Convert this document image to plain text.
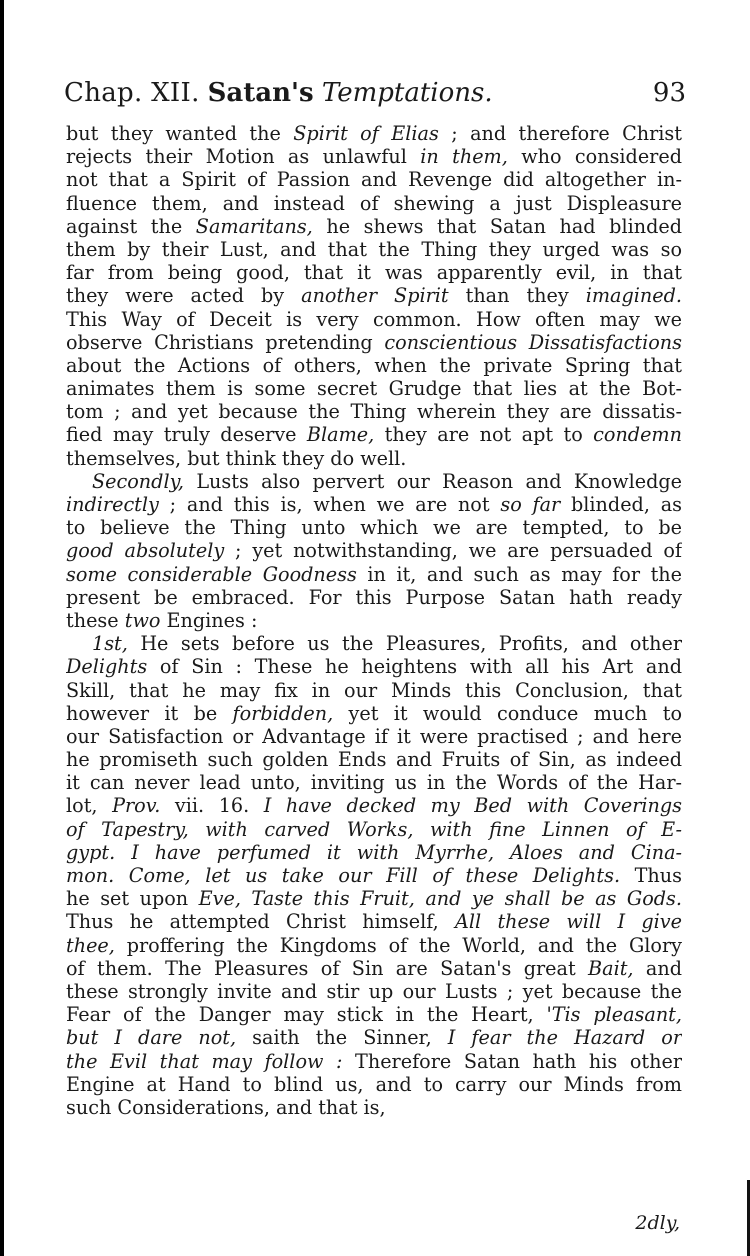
Chap. XII. Satan's Temptations.	93
but they wanted the Spirit of Elias ; and therefore Christ
rejects their Motion as unlawful in them, who considered
not that a Spirit of Passion and Revenge did altogether in-
fluence them, and instead of shewing a just Displeasure
against the Samaritans, he shews that Satan had blinded
them by their Lust, and that the Thing they urged was so
far from being good, that it was apparently evil, in that
they were acted by another Spirit than they imagined.
This Way of Deceit is very common. How often may we
observe Christians pretending conscientious Dissatisfactions
about the Actions of others, when the private Spring that
animates them is some secret Grudge that lies at the Bot-
tom ; and yet because the Thing wherein they are dissatis-
fied may truly deserve Blame, they are not apt to condemn
themselves, but think they do well.
Secondly, Lusts also pervert our Reason and Knowledge
indirectly ; and this is, when we are not so far blinded, as
to believe the Thing unto which we are tempted, to be
good absolutely ; yet notwithstanding, we are persuaded of
some considerable Goodness in it, and such as may for the
present be embraced. For this Purpose Satan hath ready
these two Engines :
1st, He sets before us the Pleasures, Profits, and other
Delights of Sin : These he heightens with all his Art and
Skill, that he may fix in our Minds this Conclusion, that
however it be forbidden, yet it would conduce much to
our Satisfaction or Advantage if it were practised ; and here
he promiseth such golden Ends and Fruits of Sin, as indeed
it can never lead unto, inviting us in the Words of the Har-
lot, Prov. vii. 16. I have decked my Bed with Coverings
of Tapestry, with carved Works, with fine Linnen of E-
gypt. I have perfumed it with Myrrhe, Aloes and Cina-
mon. Come, let us take our Fill of these Delights. Thus
he set upon Eve, Taste this Fruit, and ye shall be as Gods.
Thus he attempted Christ himself, All these will I give
thee, proffering the Kingdoms of the World, and the Glory
of them. The Pleasures of Sin are Satan's great Bait, and
these strongly invite and stir up our Lusts ; yet because the
Fear of the Danger may stick in the Heart, 'Tis pleasant,
but I dare not, saith the Sinner, I fear the Hazard or
the Evil that may follow : Therefore Satan hath his other
Engine at Hand to blind us, and to carry our Minds from
such Considerations, and that is,
2dly,
